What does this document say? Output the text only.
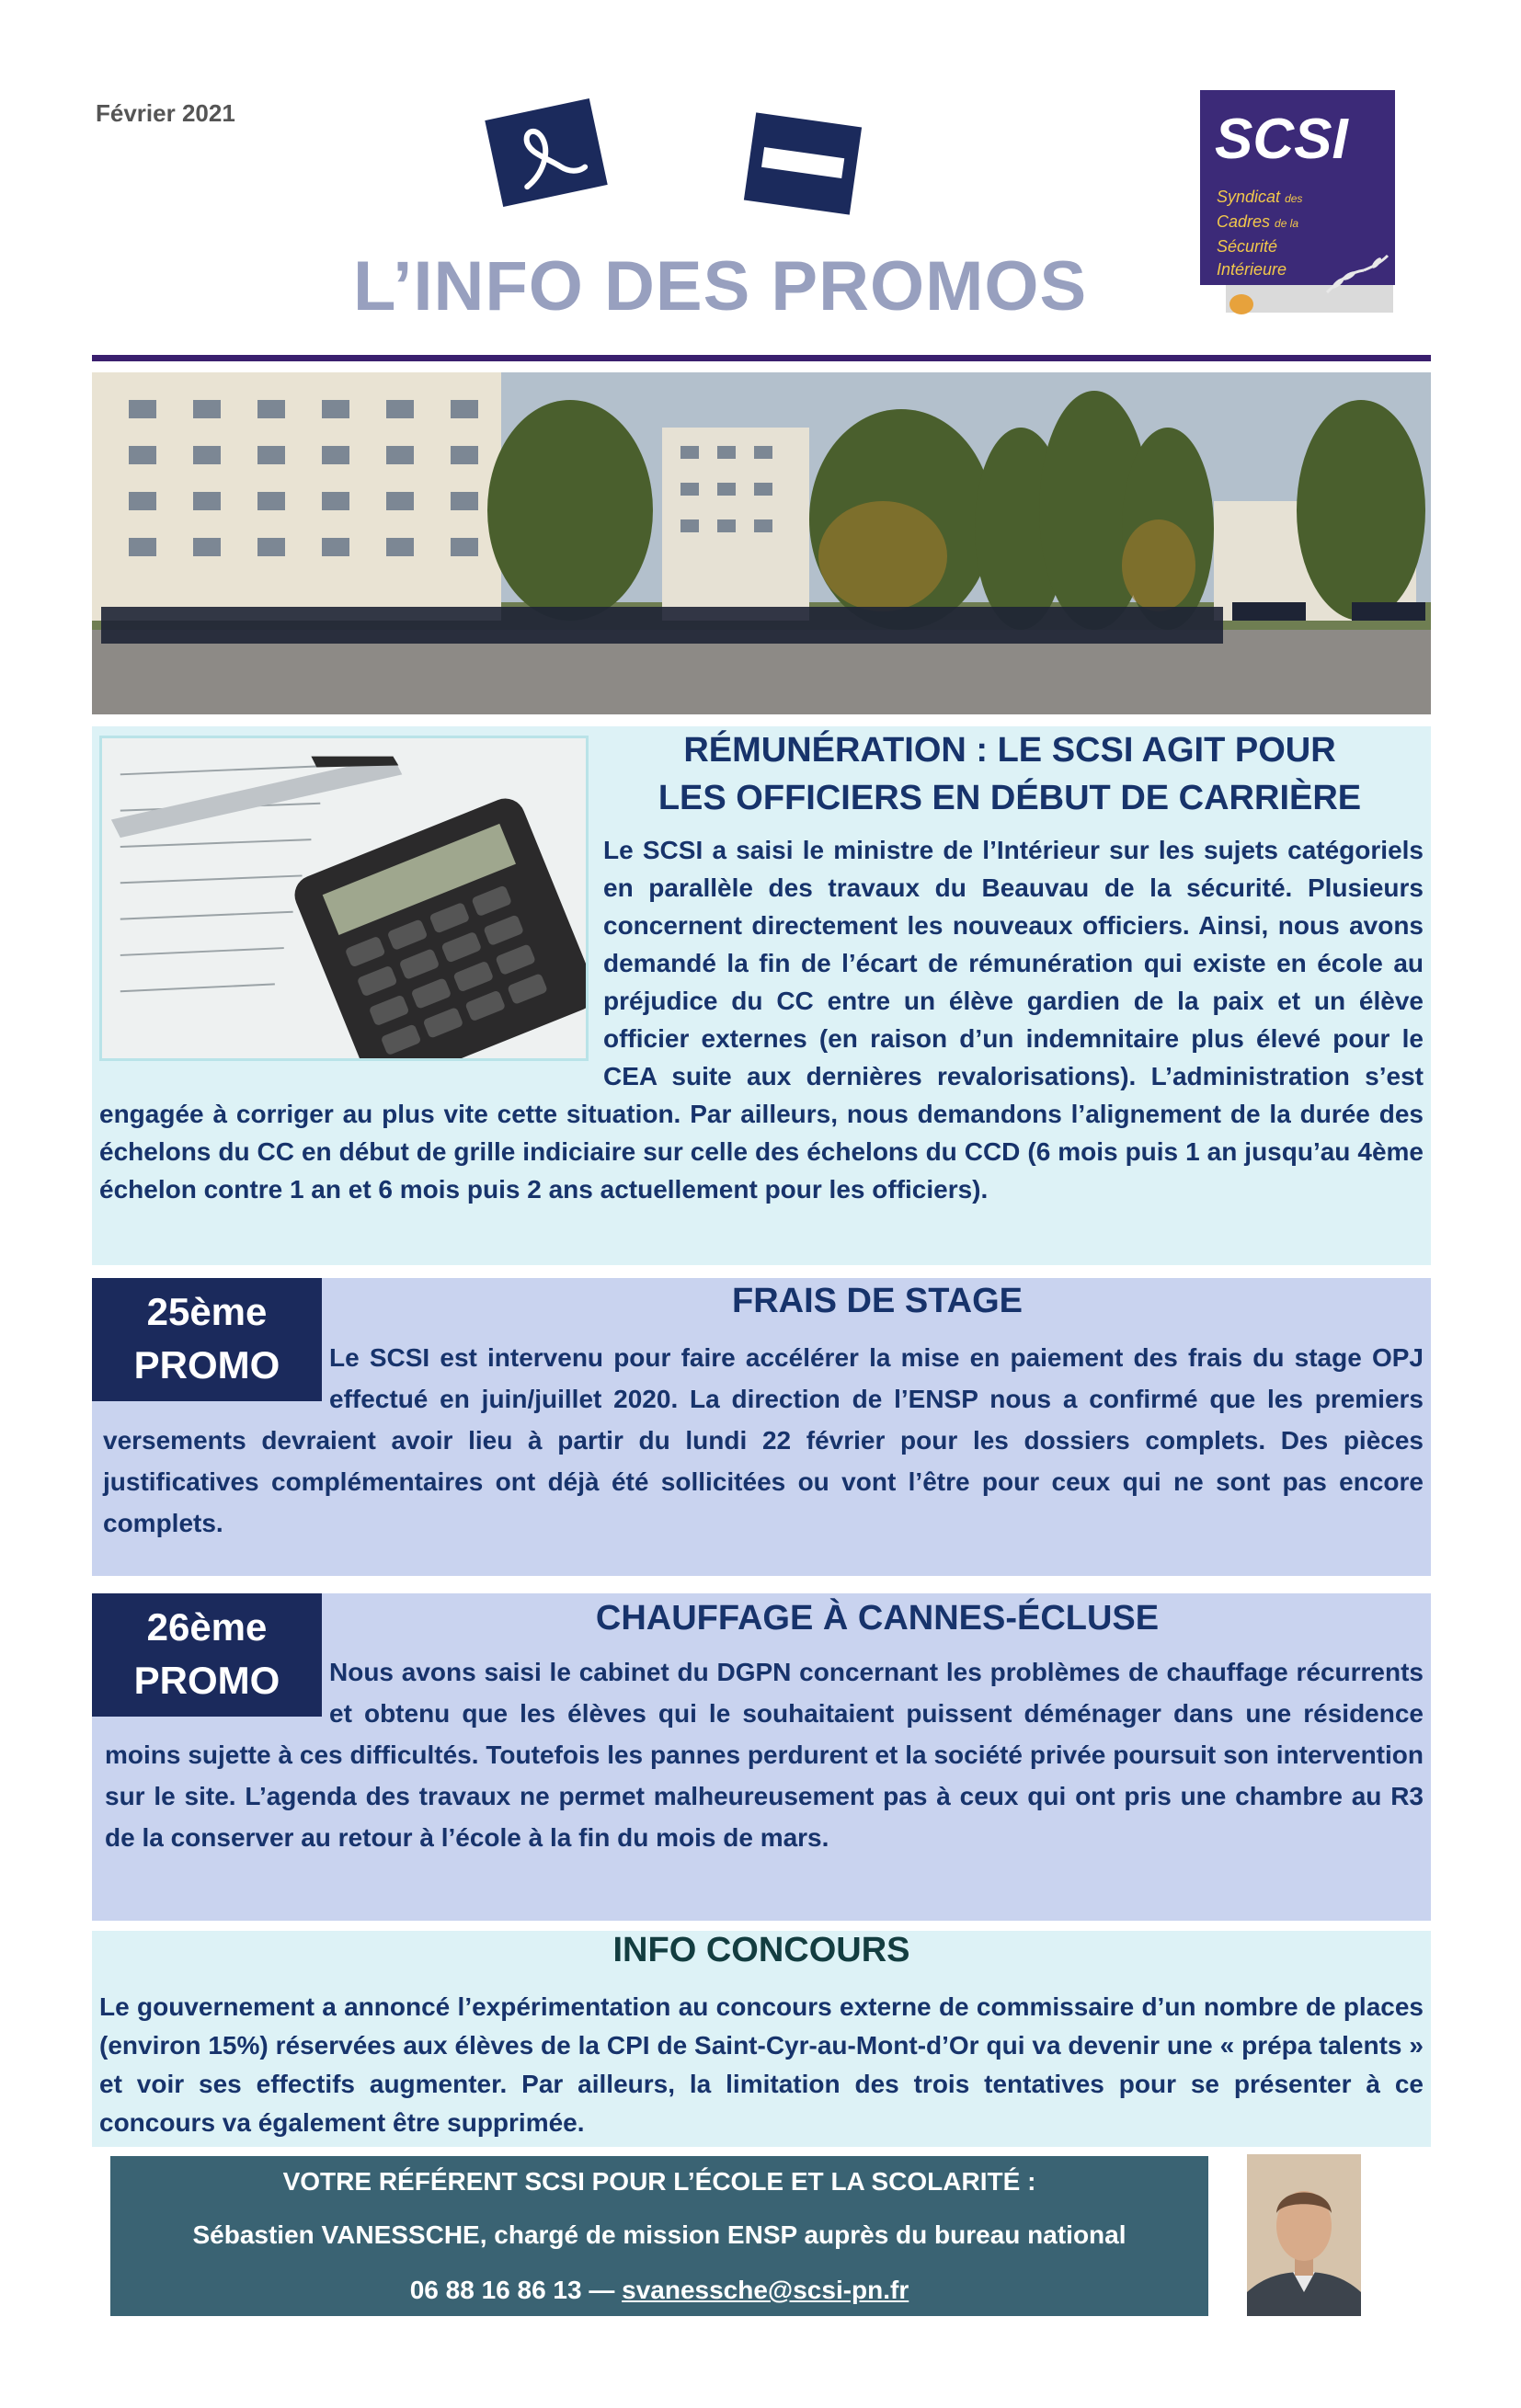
Février 2021
L’INFO DES PROMOS
SCSI
Syndicat des
Cadres de la
Sécurité
Intérieure
RÉMUNÉRATION : LE SCSI AGIT POUR
LES OFFICIERS EN DÉBUT DE CARRIÈRE
Le SCSI a saisi le ministre de l’Intérieur sur les sujets catégoriels en parallèle des travaux du Beauvau de la sécurité. Plusieurs concernent directement les nouveaux officiers. Ainsi, nous avons demandé la fin de l’écart de rémunération qui existe en école au préjudice du CC entre un élève gardien de la paix et un élève officier externes (en raison d’un indemnitaire plus élevé pour le CEA suite aux dernières revalorisations). L’administration s’est engagée à corriger au plus vite cette situation. Par ailleurs, nous demandons l’alignement de la durée des échelons du CC en début de grille indiciaire sur celle des échelons du CCD (6 mois puis 1 an jusqu’au 4ème échelon contre 1 an et 6 mois puis 2 ans actuellement pour les officiers).
25ème
PROMO
FRAIS DE STAGE
Le SCSI est intervenu pour faire accélérer la mise en paiement des frais du stage OPJ effectué en juin/juillet 2020. La direction de l’ENSP nous a confirmé que les premiers versements devraient avoir lieu à partir du lundi 22 février pour les dossiers complets. Des pièces justificatives complémentaires ont déjà été sollicitées ou vont l’être pour ceux qui ne sont pas encore complets.
26ème
PROMO
CHAUFFAGE À CANNES-ÉCLUSE
Nous avons saisi le cabinet du DGPN concernant les problèmes de chauffage récurrents et obtenu que les élèves qui le souhaitaient puissent déménager dans une résidence moins sujette à ces difficultés. Toutefois les pannes perdurent et la société privée poursuit son intervention sur le site. L’agenda des travaux ne permet malheureusement pas à ceux qui ont pris une chambre au R3 de la conserver au retour à l’école à la fin du mois de mars.
INFO CONCOURS
Le gouvernement a annoncé l’expérimentation au concours externe de commissaire d’un nombre de places (environ 15%) réservées aux élèves de la CPI de Saint-Cyr-au-Mont-d’Or qui va devenir une « prépa talents » et voir ses effectifs augmenter. Par ailleurs, la limitation des trois tentatives pour se présenter à ce concours va également être supprimée.
VOTRE RÉFÉRENT SCSI POUR L’ÉCOLE ET LA SCOLARITÉ :
Sébastien VANESSCHE, chargé de mission ENSP auprès du bureau national
06 88 16 86 13 — svanessche@scsi-pn.fr
